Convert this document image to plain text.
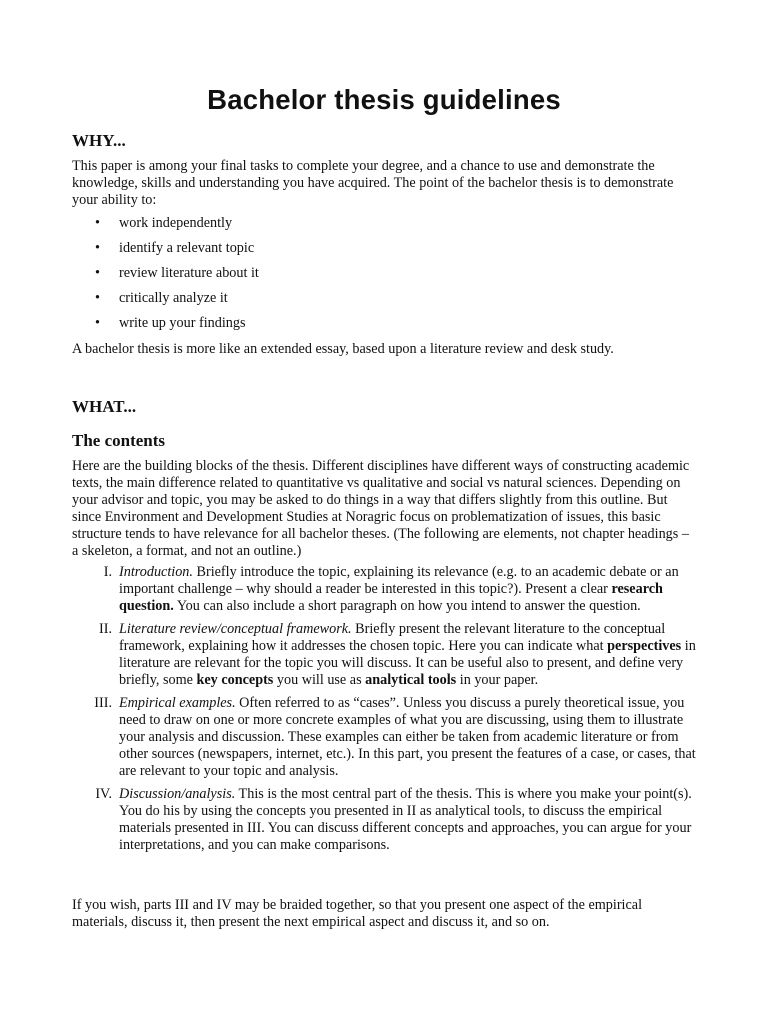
Bachelor thesis guidelines
WHY...

This paper is among your final tasks to complete your degree, and a chance to use and demonstrate the knowledge, skills and understanding you have acquired. The point of the bachelor thesis is to demonstrate your ability to:

• work independently
• identify a relevant topic
• review literature about it
• critically analyze it
• write up your findings

A bachelor thesis is more like an extended essay, based upon a literature review and desk study.

WHAT...
The contents

Here are the building blocks of the thesis. Different disciplines have different ways of constructing academic texts, the main difference related to quantitative vs qualitative and social vs natural sciences. Depending on your advisor and topic, you may be asked to do things in a way that differs slightly from this outline. But since Environment and Development Studies at Noragric focus on problematization of issues, this basic structure tends to have relevance for all bachelor theses. (The following are elements, not chapter headings – a skeleton, a format, and not an outline.)

I. Introduction. Briefly introduce the topic, explaining its relevance (e.g. to an academic debate or an important challenge – why should a reader be interested in this topic?). Present a clear research question. You can also include a short paragraph on how you intend to answer the question.
II. Literature review/conceptual framework. Briefly present the relevant literature to the conceptual framework, explaining how it addresses the chosen topic. Here you can indicate what perspectives in literature are relevant for the topic you will discuss. It can be useful also to present, and define very briefly, some key concepts you will use as analytical tools in your paper.
III. Empirical examples. Often referred to as “cases”. Unless you discuss a purely theoretical issue, you need to draw on one or more concrete examples of what you are discussing, using them to illustrate your analysis and discussion. These examples can either be taken from academic literature or from other sources (newspapers, internet, etc.). In this part, you present the features of a case, or cases, that are relevant to your topic and analysis.
IV. Discussion/analysis. This is the most central part of the thesis. This is where you make your point(s). You do his by using the concepts you presented in II as analytical tools, to discuss the empirical materials presented in III. You can discuss different concepts and approaches, you can argue for your interpretations, and you can make comparisons.

If you wish, parts III and IV may be braided together, so that you present one aspect of the empirical materials, discuss it, then present the next empirical aspect and discuss it, and so on.
